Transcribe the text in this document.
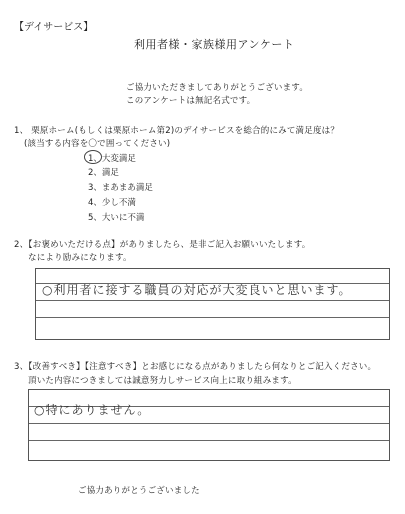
【デイサービス】
利用者様・家族様用アンケート
ご協力いただきましてありがとうございます。
このアンケートは無記名式です。
1、 栗原ホーム(もしくは栗原ホーム第2)のデイサービスを総合的にみて満足度は？
(該当する内容を〇で囲ってください)
1、大変満足
2、満足
3、まあまあ満足
4、少し不満
5、大いに不満
2、【お褒めいただける点】がありましたら、是非ご記入お願いいたします。
なにより励みになります。
○利用者に接する職員の対応が大変良いと思います。
3、【改善すべき】【注意すべき】とお感じになる点がありましたら何なりとご記入ください。
頂いた内容につきましては誠意努力しサービス向上に取り組みます。
○特にありません。
ご協力ありがとうございました
